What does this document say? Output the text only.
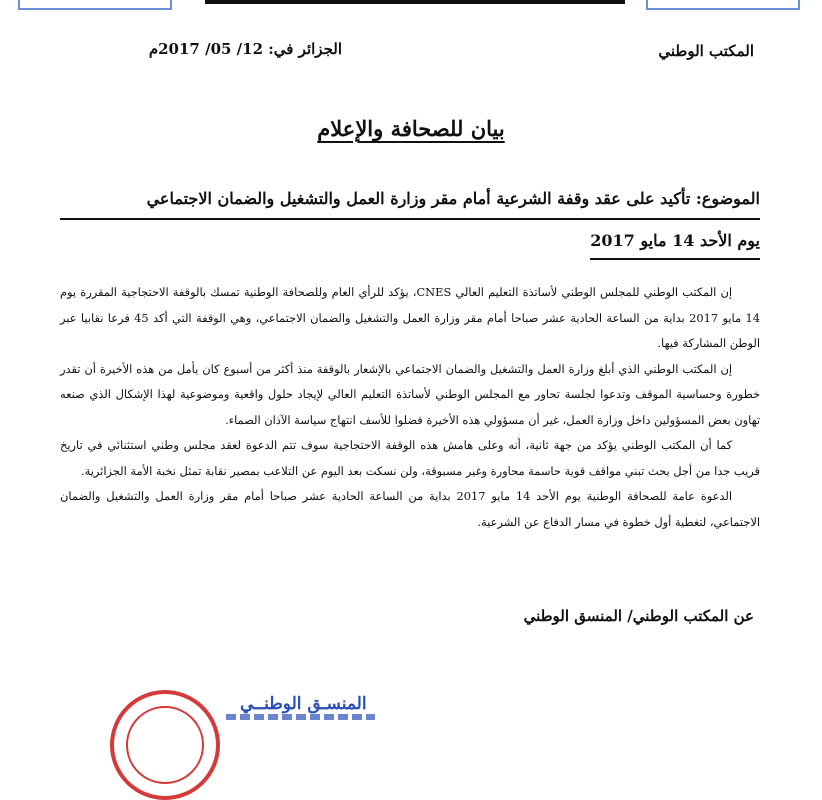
المكتب الوطني
الجزائر في: 12/ 05/ 2017م
بيان للصحافة والإعلام
الموضوع: تأكيد على عقد وقفة الشرعية أمام مقر وزارة العمل والتشغيل والضمان الاجتماعي
يوم الأحد 14 مايو 2017

إن المكتب الوطني للمجلس الوطني لأساتذة التعليم العالي CNES، يؤكد للرأي العام وللصحافة الوطنية تمسك بالوقفة الاحتجاجية المقررة يوم 14 مايو 2017 بداية من الساعة الحادية عشر صباحا أمام مقر وزارة العمل والتشغيل والضمان الاجتماعي، وهي الوقفة التي أكد 45 فرعا نقابيا عبر الوطن المشاركة فيها.

إن المكتب الوطني الذي أبلغ وزارة العمل والتشغيل والضمان الاجتماعي بالإشعار بالوقفة منذ أكثر من أسبوع كان يأمل من هذه الأخيرة أن تقدر خطورة وحساسية الموقف وتدعوا لجلسة تحاور مع المجلس الوطني لأساتذة التعليم العالي لإيجاد حلول واقعية وموضوعية لهذا الإشكال الذي صنعه تهاون بعض المسؤولين داخل وزارة العمل، غير أن مسؤولي هذه الأخيرة فضلوا للأسف انتهاج سياسة الآذان الصماء.

كما أن المكتب الوطني يؤكد من جهة ثانية، أنه وعلى هامش هذه الوقفة الاحتجاجية سوف تتم الدعوة لعقد مجلس وطني استثنائي في تاريخ قريب جدا من أجل بحث تبني مواقف قوية حاسمة محاورة وغير مسبوقة، ولن نسكت بعد اليوم عن التلاعب بمصير نقابة تمثل نخبة الأمة الجزائرية.

الدعوة عامة للصحافة الوطنية يوم الأحد 14 مايو 2017 بداية من الساعة الحادية عشر صباحا أمام مقر وزارة العمل والتشغيل والضمان الاجتماعي، لتغطية أول خطوة في مسار الدفاع عن الشرعية.

عن المكتب الوطني/ المنسق الوطني
المنسـق الوطنــي
